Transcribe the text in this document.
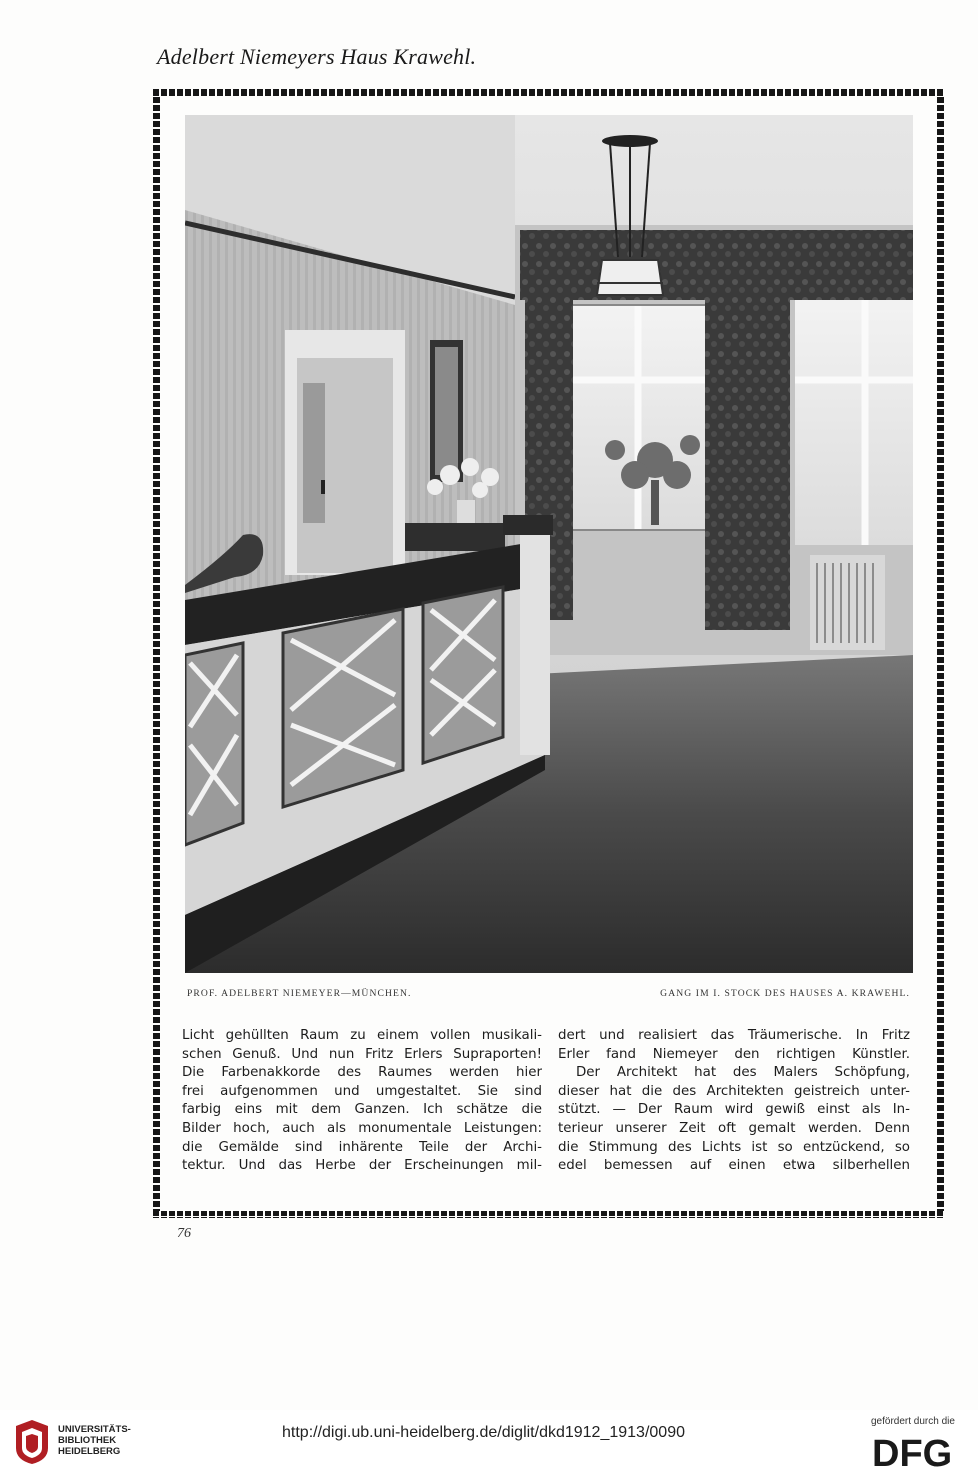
Adelbert Niemeyers Haus Krawehl.
PROF. ADELBERT NIEMEYER—MÜNCHEN.	GANG IM I. STOCK DES HAUSES A. KRAWEHL.
Licht gehüllten Raum zu einem vollen musikali-
schen Genuß. Und nun Fritz Erlers Supraporten!
Die Farbenakkorde des Raumes werden hier
frei aufgenommen und umgestaltet. Sie sind
farbig eins mit dem Ganzen. Ich schätze die
Bilder hoch, auch als monumentale Leistungen:
die Gemälde sind inhärente Teile der Archi-
tektur. Und das Herbe der Erscheinungen mil-
dert und realisiert das Träumerische. In Fritz
Erler fand Niemeyer den richtigen Künstler.
Der Architekt hat des Malers Schöpfung,
dieser hat die des Architekten geistreich unter-
stützt. — Der Raum wird gewiß einst als In-
terieur unserer Zeit oft gemalt werden. Denn
die Stimmung des Lichts ist so entzückend, so
edel bemessen auf einen etwa silberhellen
76
UNIVERSITÄTS-
BIBLIOTHEK
HEIDELBERG
http://digi.ub.uni-heidelberg.de/diglit/dkd1912_1913/0090
gefördert durch die
DFG
